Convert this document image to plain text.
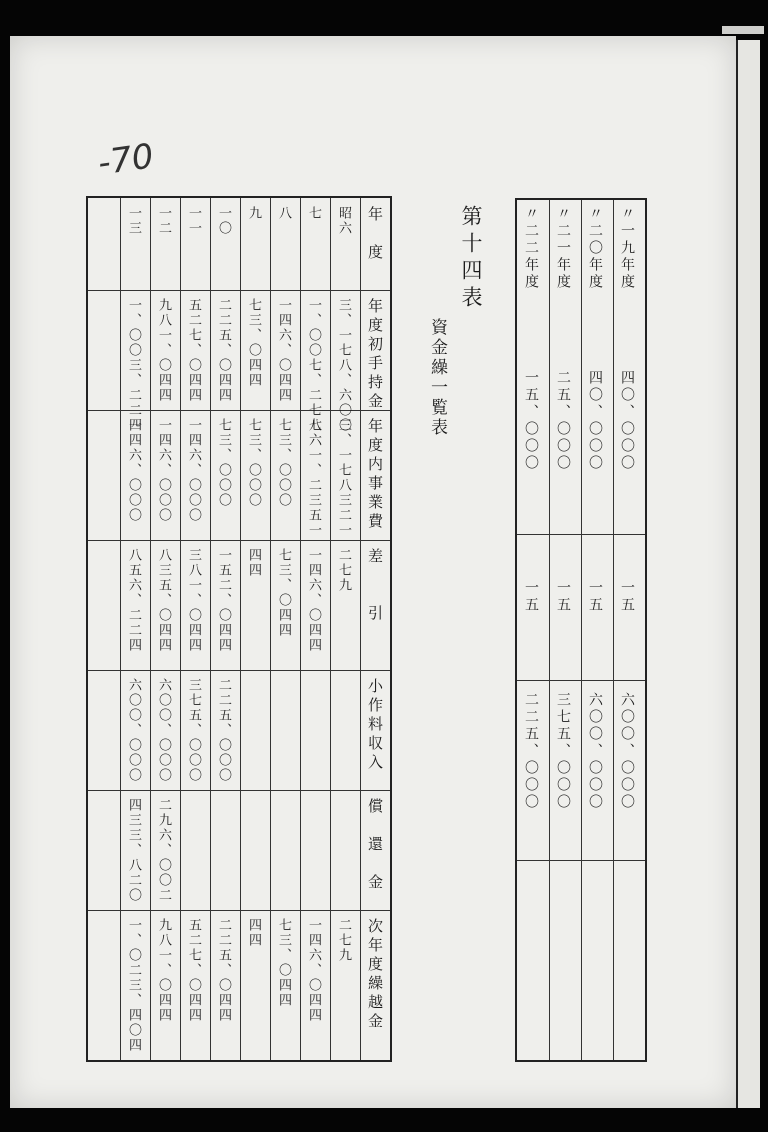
-70
第十四表
資金繰一覧表
年　度
年度初手持金
年度内事業費
差　　引
小作料収入
償　還　金
次年度繰越金
昭六
三、一七八、六〇〇
三、一七八三二一
二七九
二七九
七
一、〇〇七、二七七
八六一、二三五一
一四六、〇四四
一四六、〇四四
八
一四六、〇四四
七三、〇〇〇
七三、〇四四
七三、〇四四
九
七三、〇四四
七三、〇〇〇
四四
四四
一〇
二二五、〇四四
七三、〇〇〇
一五二、〇四四
二二五、〇〇〇
二二五、〇四四
一一
五二七、〇四四
一四六、〇〇〇
三八一、〇四四
三七五、〇〇〇
五二七、〇四四
一二
九八一、〇四四
一四六、〇〇〇
八三五、〇四四
六〇〇、〇〇〇
二九六、〇〇二
九八一、〇四四
一三
一、〇〇三、二二四
一四六、〇〇〇
八五六、二二四
六〇〇、〇〇〇
四三三、八二〇
一、〇二三、四〇四
〃一九年度
四〇、〇〇〇
一五
六〇〇、〇〇〇
〃二〇年度
四〇、〇〇〇
一五
六〇〇、〇〇〇
〃二一年度
二五、〇〇〇
一五
三七五、〇〇〇
〃二二年度
一五、〇〇〇
一五
二二五、〇〇〇
